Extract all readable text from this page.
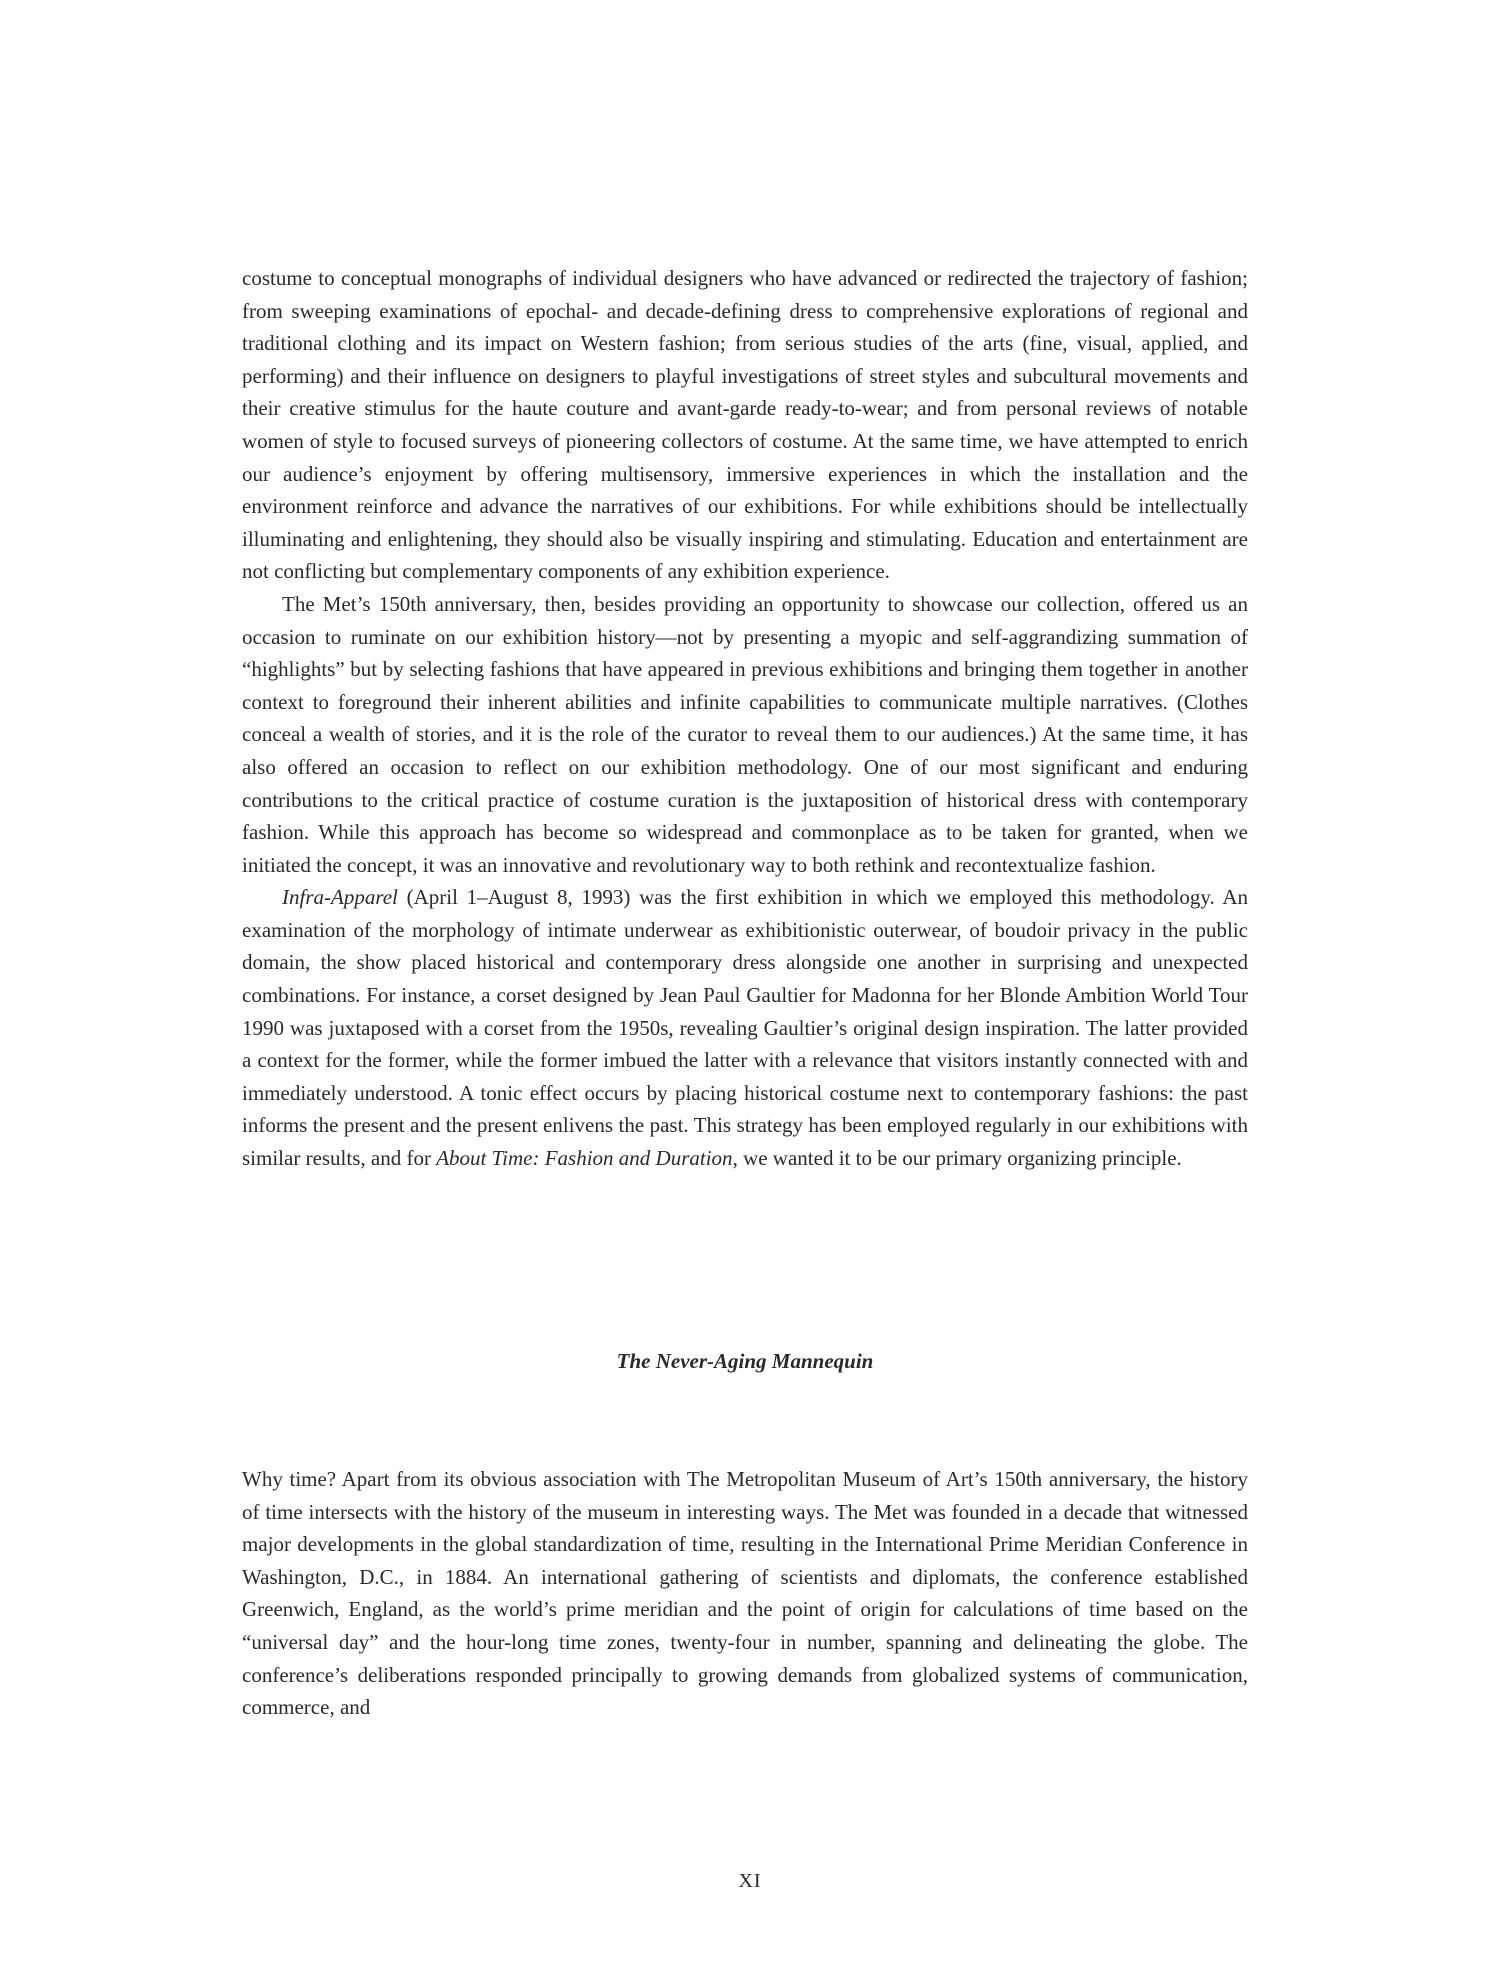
costume to conceptual monographs of individual designers who have advanced or redirected the trajectory of fashion; from sweeping examinations of epochal- and decade-defining dress to comprehensive explorations of regional and traditional clothing and its impact on Western fashion; from serious studies of the arts (fine, visual, applied, and performing) and their influence on designers to playful investigations of street styles and subcultural movements and their creative stimulus for the haute couture and avant-garde ready-to-wear; and from personal reviews of notable women of style to focused surveys of pioneering collectors of costume. At the same time, we have attempted to enrich our audience’s enjoyment by offering multisensory, immersive experiences in which the installation and the environment reinforce and advance the narratives of our exhibitions. For while exhibitions should be intellectually illuminating and enlightening, they should also be visually inspiring and stimulating. Education and entertainment are not conflicting but complementary components of any exhibition experience.

The Met’s 150th anniversary, then, besides providing an opportunity to showcase our collection, offered us an occasion to ruminate on our exhibition history—not by presenting a myopic and self-aggrandizing summation of “highlights” but by selecting fashions that have appeared in previous exhibitions and bringing them together in another context to foreground their inherent abilities and infinite capabilities to communicate multiple narratives. (Clothes conceal a wealth of stories, and it is the role of the curator to reveal them to our audiences.) At the same time, it has also offered an occasion to reflect on our exhibition methodology. One of our most significant and enduring contributions to the critical practice of costume curation is the juxtaposition of historical dress with contemporary fashion. While this approach has become so widespread and commonplace as to be taken for granted, when we initiated the concept, it was an innovative and revolutionary way to both rethink and recontextualize fashion.

Infra-Apparel (April 1–August 8, 1993) was the first exhibition in which we employed this methodology. An examination of the morphology of intimate underwear as exhibitionistic outerwear, of boudoir privacy in the public domain, the show placed historical and contemporary dress alongside one another in surprising and unexpected combinations. For instance, a corset designed by Jean Paul Gaultier for Madonna for her Blonde Ambition World Tour 1990 was juxtaposed with a corset from the 1950s, revealing Gaultier’s original design inspiration. The latter provided a context for the former, while the former imbued the latter with a relevance that visitors instantly connected with and immediately understood. A tonic effect occurs by placing historical costume next to contemporary fashions: the past informs the present and the present enlivens the past. This strategy has been employed regularly in our exhibitions with similar results, and for About Time: Fashion and Duration, we wanted it to be our primary organizing principle.

The Never-Aging Mannequin

Why time? Apart from its obvious association with The Metropolitan Museum of Art’s 150th anniversary, the history of time intersects with the history of the museum in interesting ways. The Met was founded in a decade that witnessed major developments in the global standardization of time, resulting in the International Prime Meridian Conference in Washington, D.C., in 1884. An international gathering of scientists and diplomats, the conference established Greenwich, England, as the world’s prime meridian and the point of origin for calculations of time based on the “universal day” and the hour-long time zones, twenty-four in number, spanning and delineating the globe. The conference’s deliberations responded principally to growing demands from globalized systems of communication, commerce, and

XI
